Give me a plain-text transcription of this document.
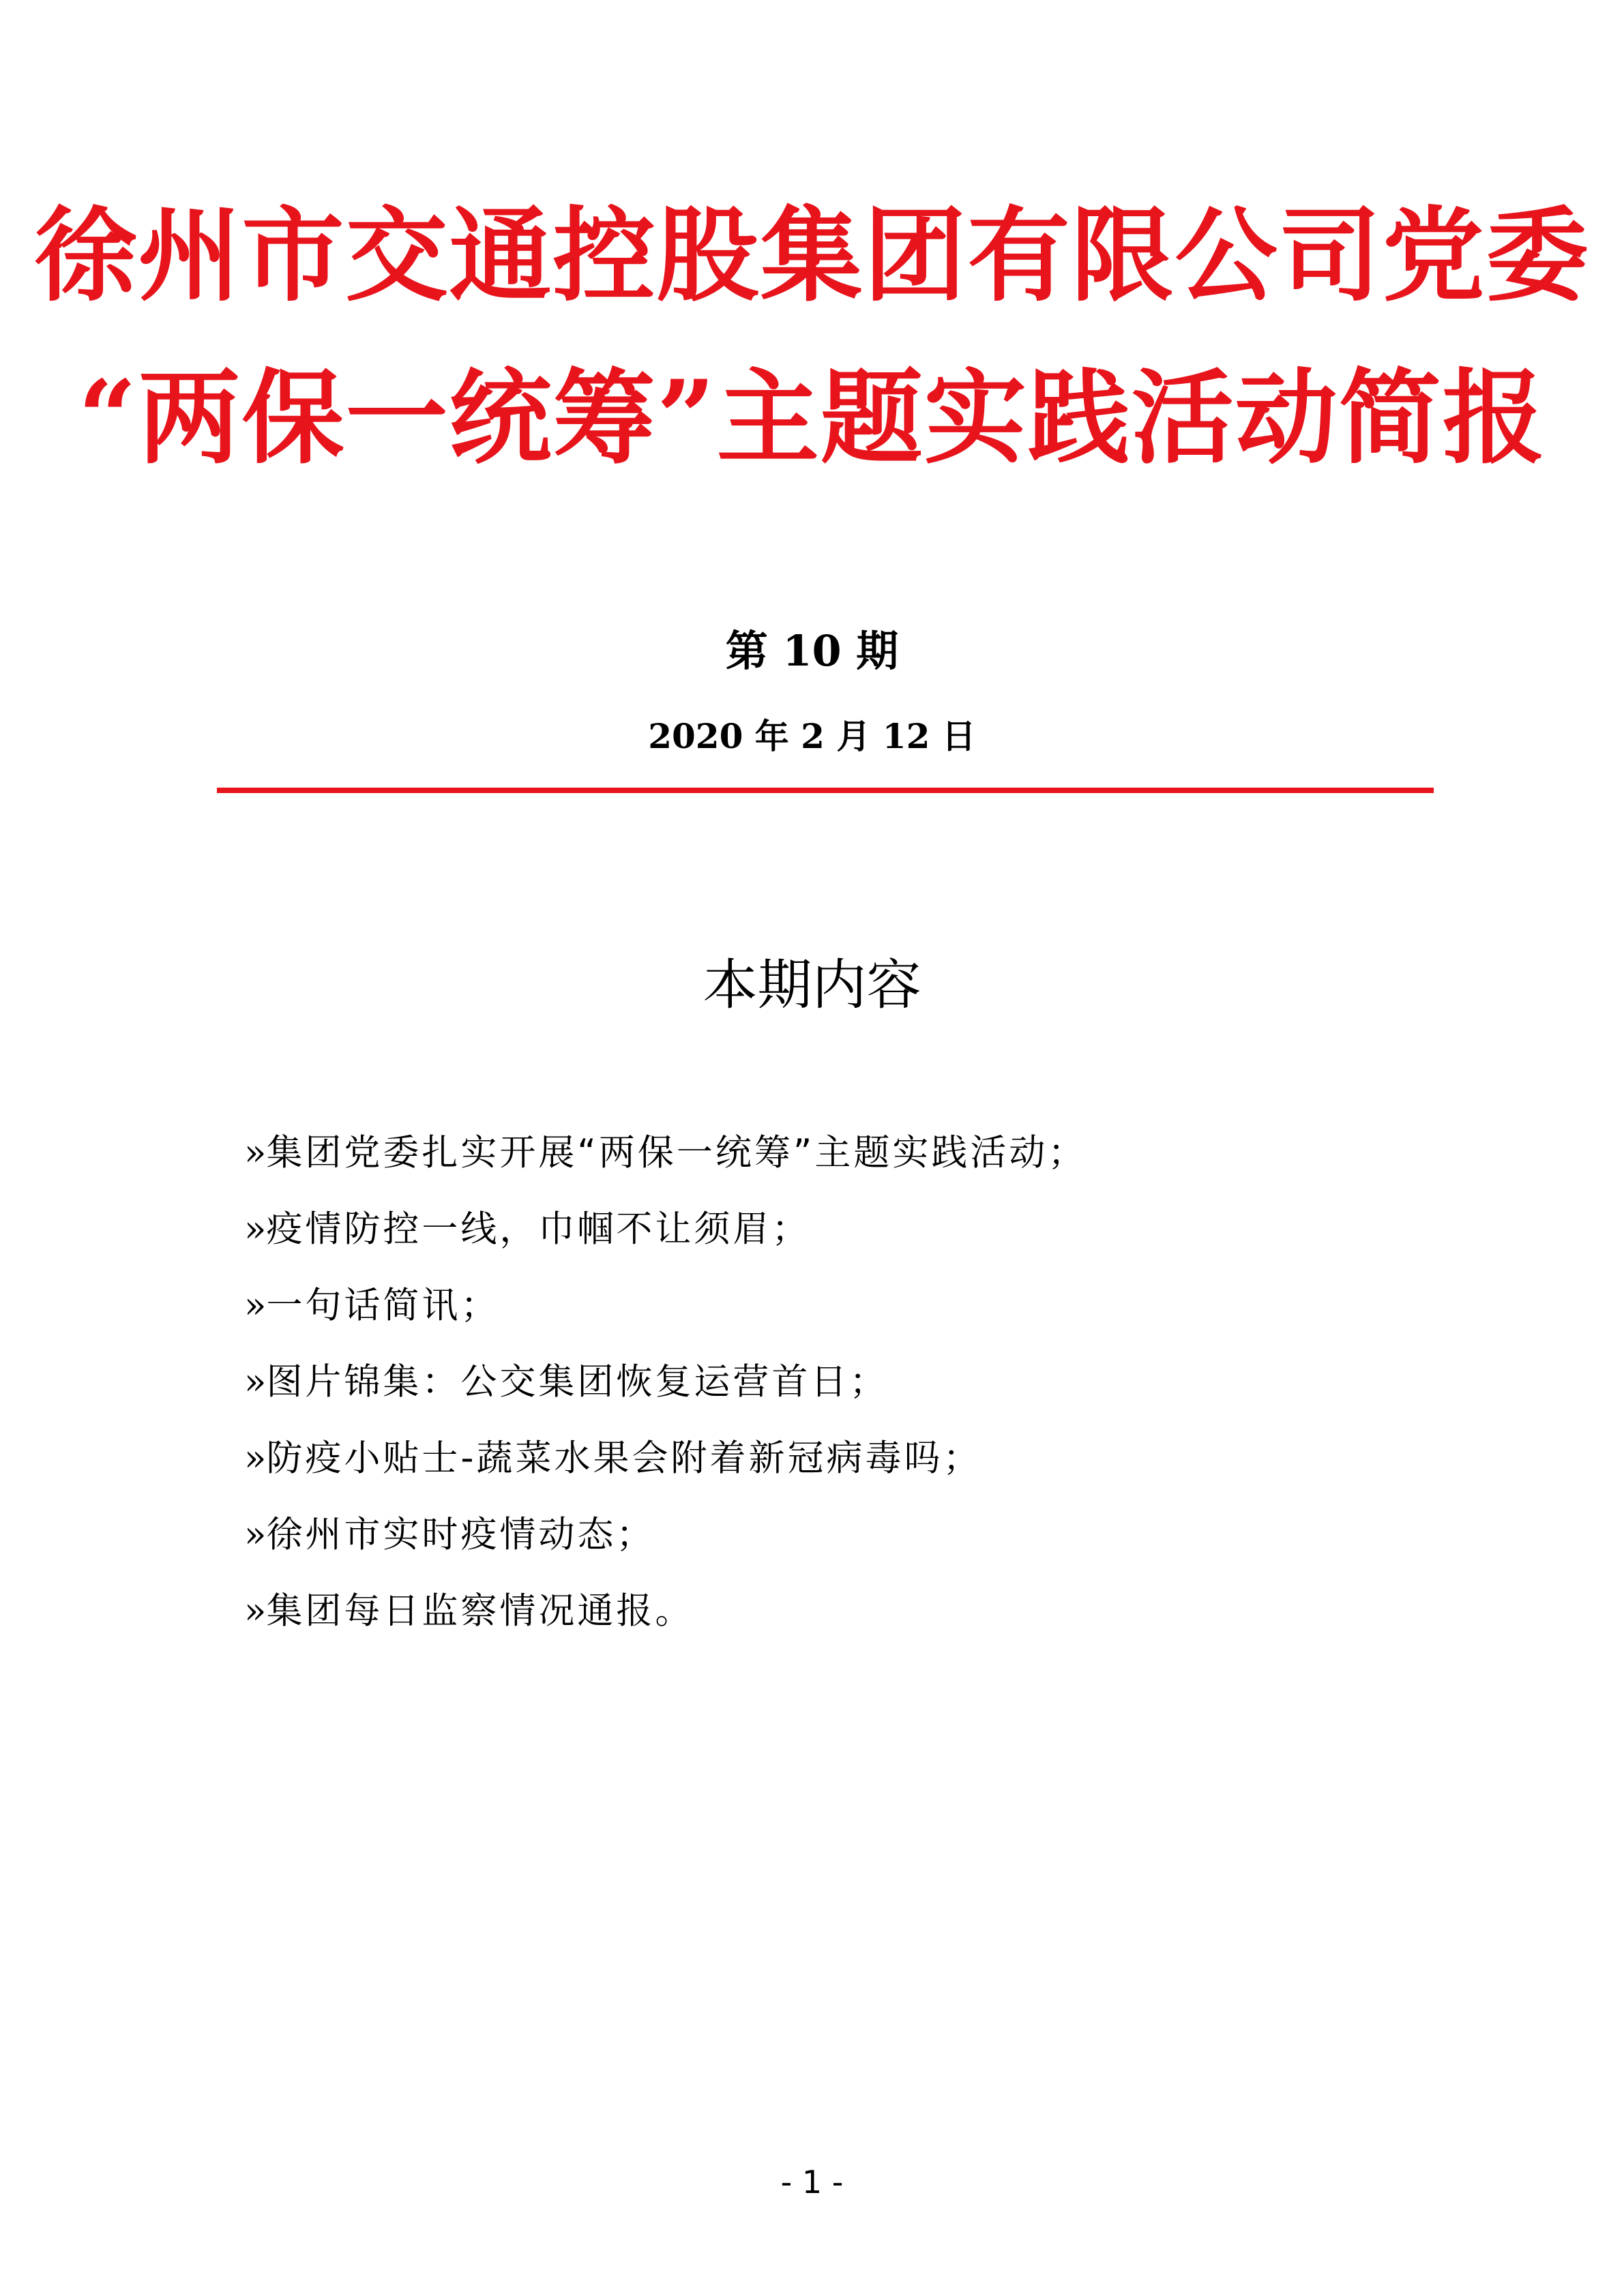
徐州市交通控股集团有限公司党委
“两保一统筹”主题实践活动简报
第 10 期
2020 年 2 月 12 日
本期内容
»集团党委扎实开展“两保一统筹”主题实践活动；
»疫情防控一线，巾帼不让须眉；
»一句话简讯；
»图片锦集：公交集团恢复运营首日；
»防疫小贴士-蔬菜水果会附着新冠病毒吗；
»徐州市实时疫情动态；
»集团每日监察情况通报。
- 1 -
